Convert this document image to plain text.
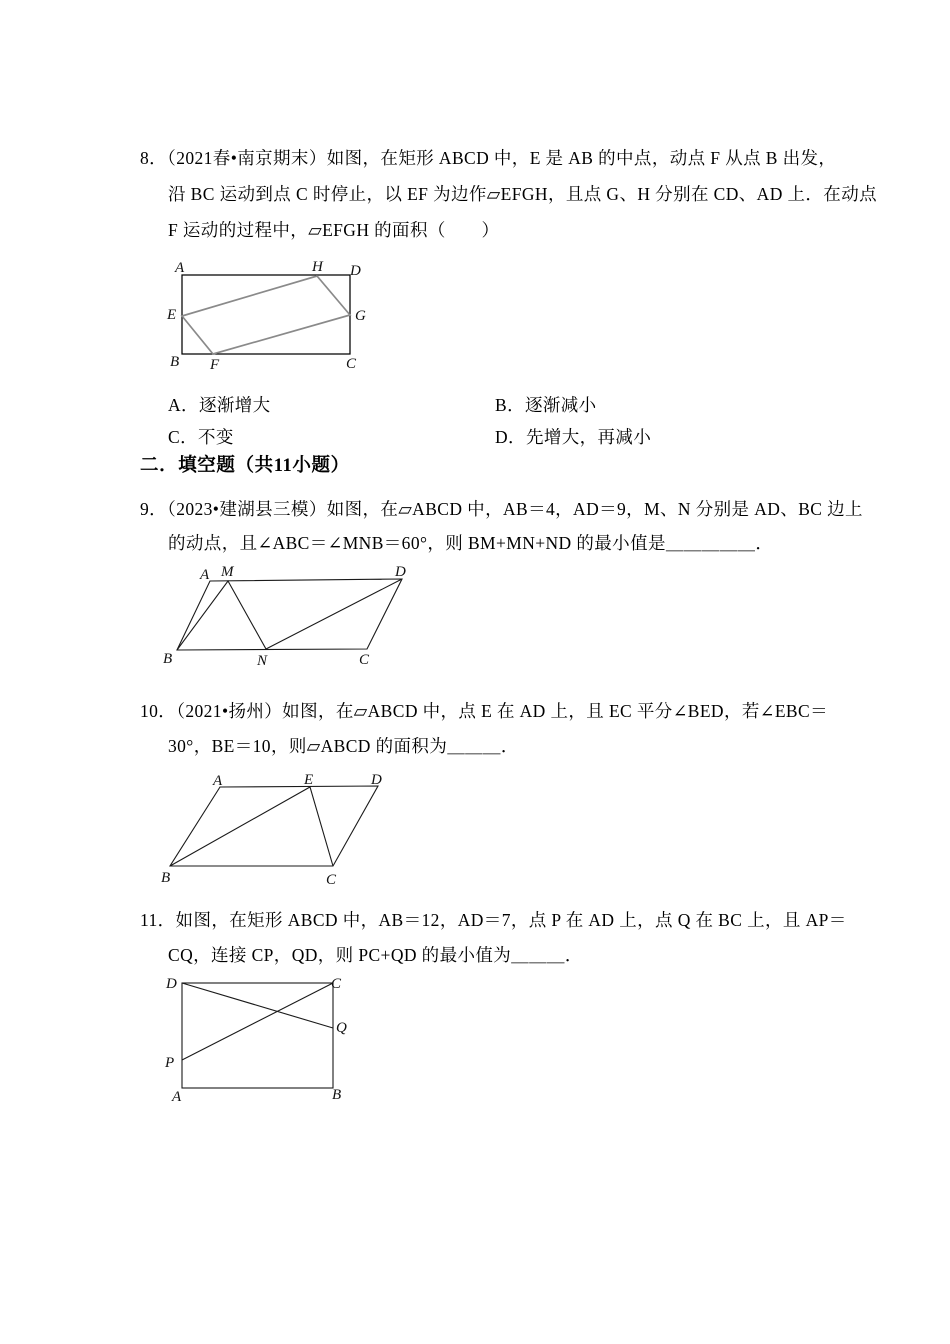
8．（2021春•南京期末）如图，在矩形 ABCD 中，E 是 AB 的中点，动点 F 从点 B 出发，
沿 BC 运动到点 C 时停止，以 EF 为边作▱EFGH，且点 G、H 分别在 CD、AD 上．在动点
F 运动的过程中，▱EFGH 的面积（　　）
A	H D
E	G
B F	C
A．逐渐增大	B．逐渐减小
C．不变	D．先增大，再减小
二．填空题（共11小题）
9．（2023•建湖县三模）如图，在▱ABCD 中，AB＝4，AD＝9，M、N 分别是 AD、BC 边上
的动点，且∠ABC＝∠MNB＝60°，则 BM+MN+ND 的最小值是＿＿＿＿＿．
A M	D
B	N	C
10．（2021•扬州）如图，在▱ABCD 中，点 E 在 AD 上，且 EC 平分∠BED，若∠EBC＝
30°，BE＝10，则▱ABCD 的面积为＿＿＿．
A	E	D
B	C
11．如图，在矩形 ABCD 中，AB＝12，AD＝7，点 P 在 AD 上，点 Q 在 BC 上，且 AP＝
CQ，连接 CP，QD，则 PC+QD 的最小值为＿＿＿．
D	C
Q
P
A	B
